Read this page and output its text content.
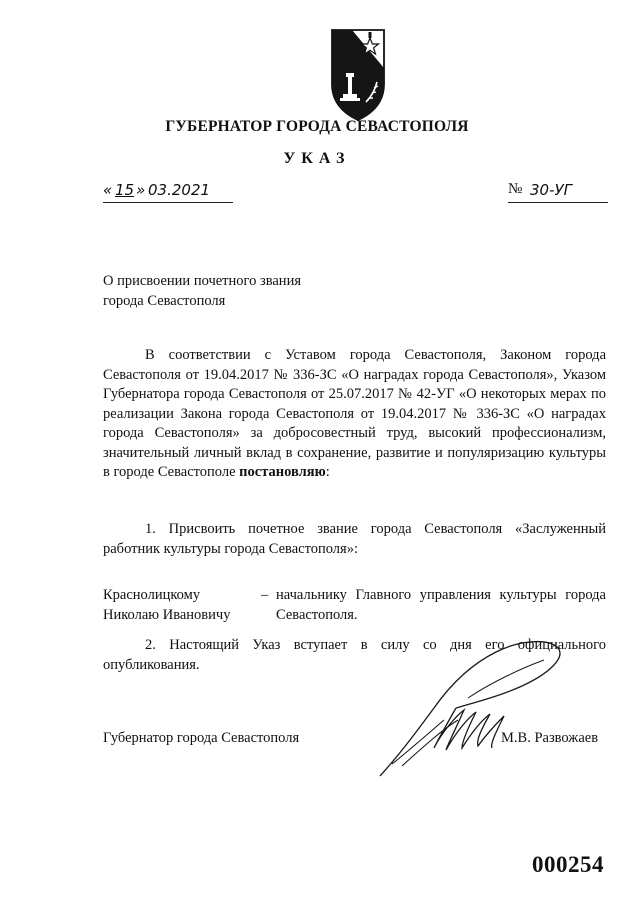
ГУБЕРНАТОР ГОРОДА СЕВАСТОПОЛЯ
УКАЗ
« 15 » 03.2021	№ 30-УГ
О присвоении почетного звания
города Севастополя
В соответствии с Уставом города Севастополя, Законом города Севастополя от 19.04.2017 № 336-ЗС «О наградах города Севастополя», Указом Губернатора города Севастополя от 25.07.2017 № 42-УГ «О некоторых мерах по реализации Закона города Севастополя от 19.04.2017 № 336-ЗС «О наградах города Севастополя» за добросовестный труд, высокий профессионализм, значительный личный вклад в сохранение, развитие и популяризацию культуры в городе Севастополе постановляю:
1. Присвоить почетное звание города Севастополя «Заслуженный работник культуры города Севастополя»:
Краснолицкому
Николаю Ивановичу
– начальнику Главного управления культуры города Севастополя.
2. Настоящий Указ вступает в силу со дня его официального опубликования.
Губернатор города Севастополя	М.В. Развожаев
000254
